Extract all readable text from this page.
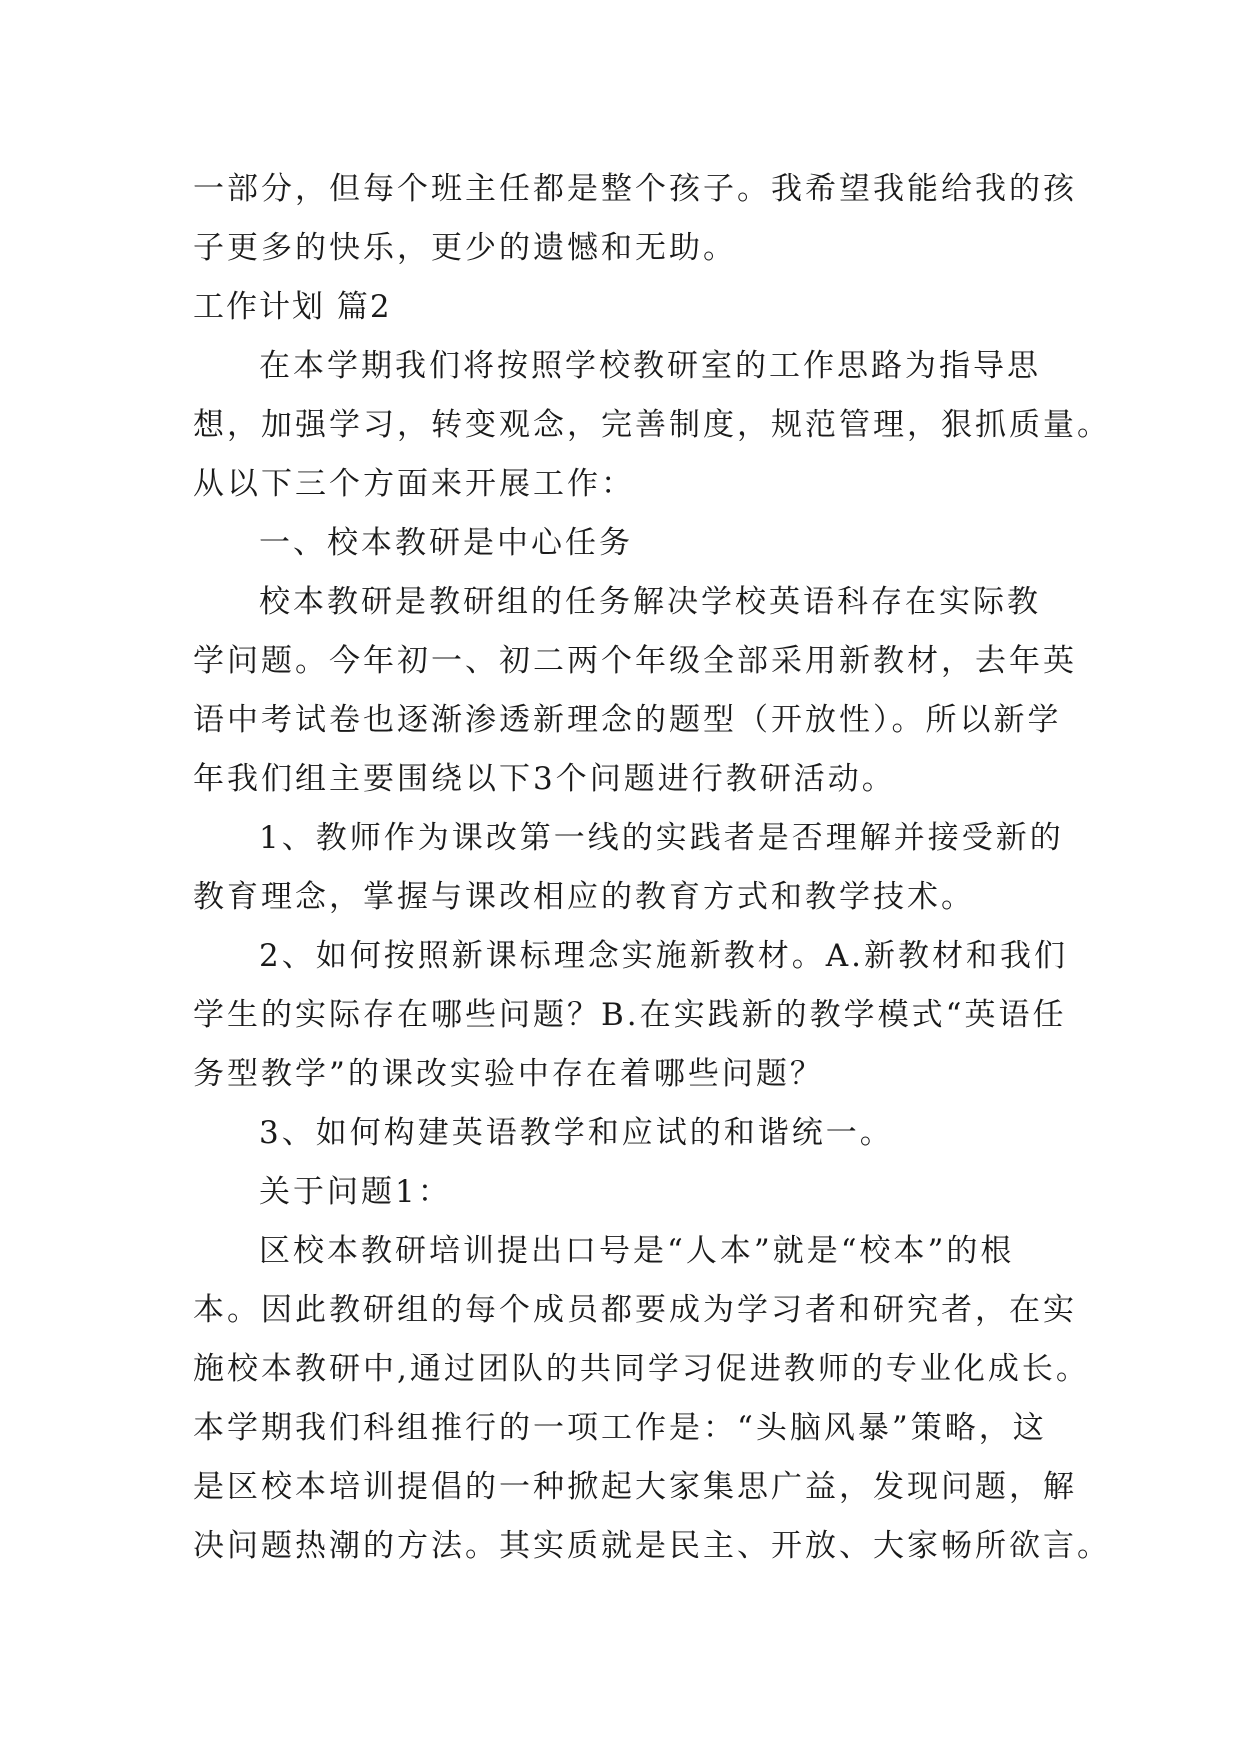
一部分，但每个班主任都是整个孩子。我希望我能给我的孩
子更多的快乐，更少的遗憾和无助。
工作计划 篇2
在本学期我们将按照学校教研室的工作思路为指导思
想，加强学习，转变观念，完善制度，规范管理，狠抓质量。
从以下三个方面来开展工作：
一、校本教研是中心任务
校本教研是教研组的任务解决学校英语科存在实际教
学问题。今年初一、初二两个年级全部采用新教材，去年英
语中考试卷也逐渐渗透新理念的题型（开放性）。所以新学
年我们组主要围绕以下3个问题进行教研活动。
1、教师作为课改第一线的实践者是否理解并接受新的
教育理念，掌握与课改相应的教育方式和教学技术。
2、如何按照新课标理念实施新教材。A.新教材和我们
学生的实际存在哪些问题？B.在实践新的教学模式“英语任
务型教学”的课改实验中存在着哪些问题？
3、如何构建英语教学和应试的和谐统一。
关于问题1：
区校本教研培训提出口号是“人本”就是“校本”的根
本。因此教研组的每个成员都要成为学习者和研究者，在实
施校本教研中,通过团队的共同学习促进教师的专业化成长。
本学期我们科组推行的一项工作是：“头脑风暴”策略，这
是区校本培训提倡的一种掀起大家集思广益，发现问题，解
决问题热潮的方法。其实质就是民主、开放、大家畅所欲言。
